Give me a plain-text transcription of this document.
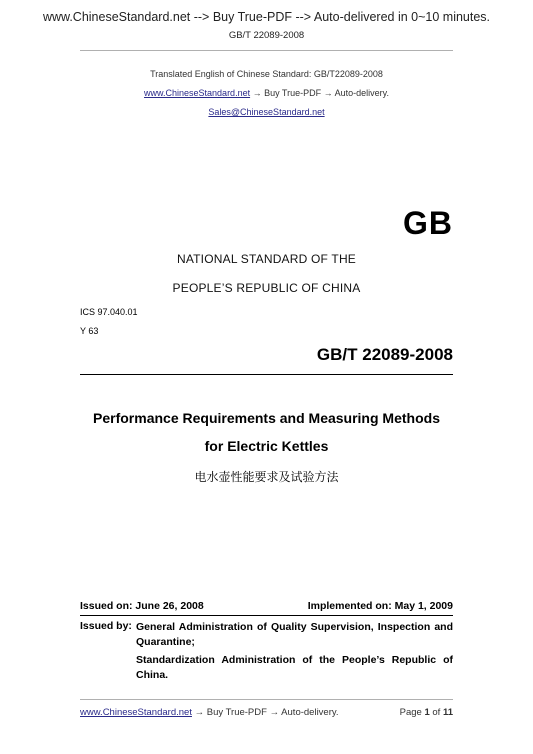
www.ChineseStandard.net --> Buy True-PDF --> Auto-delivered in 0~10 minutes.
GB/T 22089-2008
Translated English of Chinese Standard: GB/T22089-2008
www.ChineseStandard.net → Buy True-PDF → Auto-delivery.
Sales@ChineseStandard.net
GB
NATIONAL STANDARD OF THE
PEOPLE’S REPUBLIC OF CHINA
ICS 97.040.01
Y 63
GB/T 22089-2008
Performance Requirements and Measuring Methods
for Electric Kettles
电水壶性能要求及试验方法
Issued on: June 26, 2008	Implemented on: May 1, 2009
Issued by: General Administration of Quality Supervision, Inspection and Quarantine;
Standardization Administration of the People’s Republic of China.
www.ChineseStandard.net → Buy True-PDF → Auto-delivery.	Page 1 of 11
